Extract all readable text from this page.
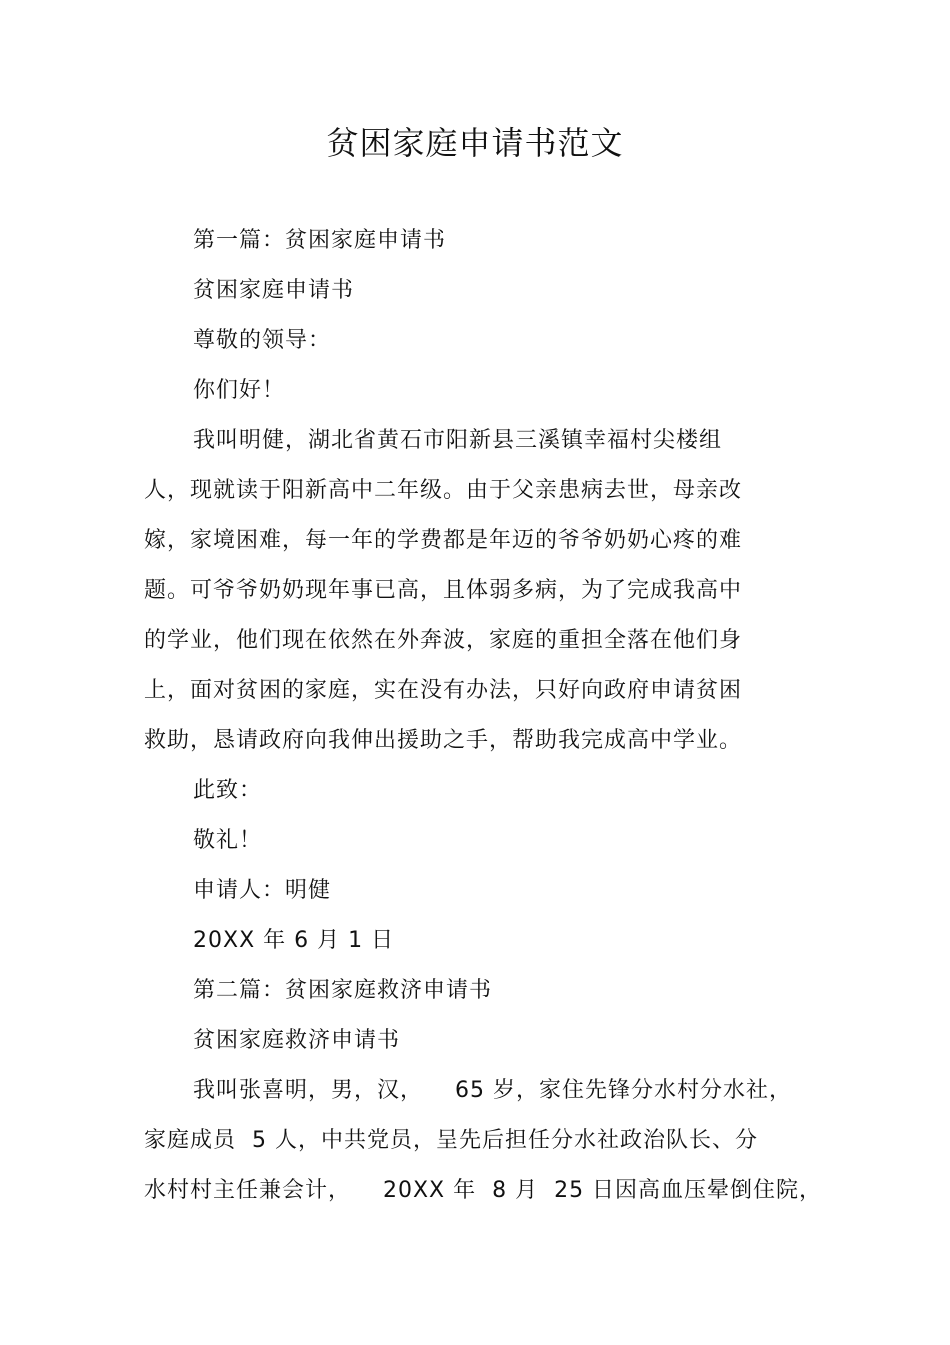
贫困家庭申请书范文
第一篇：贫困家庭申请书
贫困家庭申请书
尊敬的领导：
你们好！
我叫明健，湖北省黄石市阳新县三溪镇幸福村尖楼组
人，现就读于阳新高中二年级。由于父亲患病去世，母亲改
嫁，家境困难，每一年的学费都是年迈的爷爷奶奶心疼的难
题。可爷爷奶奶现年事已高，且体弱多病，为了完成我高中
的学业，他们现在依然在外奔波，家庭的重担全落在他们身
上，面对贫困的家庭，实在没有办法，只好向政府申请贫困
救助，恳请政府向我伸出援助之手，帮助我完成高中学业。
此致：
敬礼！
申请人：明健
20XX 年 6 月 1 日
第二篇：贫困家庭救济申请书
贫困家庭救济申请书
我叫张喜明，男，汉，    65 岁，家住先锋分水村分水社，
家庭成员  5 人，中共党员，呈先后担任分水社政治队长、分
水村村主任兼会计，    20XX 年  8 月  25 日因高血压晕倒住院，
